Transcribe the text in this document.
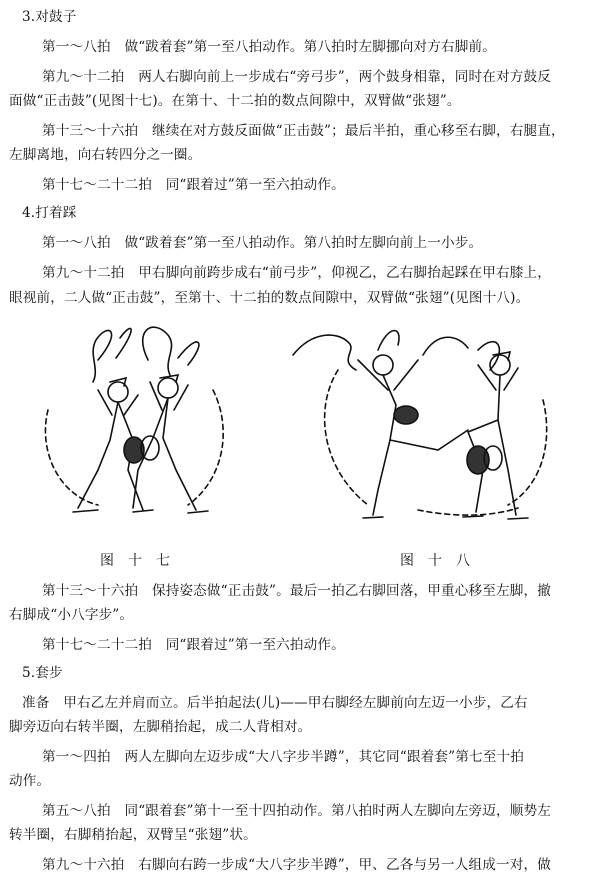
3.对鼓子
第一～八拍　做“跋着套”第一至八拍动作。第八拍时左脚挪向对方右脚前。
第九～十二拍　两人右脚向前上一步成右“旁弓步”，两个鼓身相靠，同时在对方鼓反
面做“正击鼓”(见图十七)。在第十、十二拍的数点间隙中，双臂做“张翅”。
第十三～十六拍　继续在对方鼓反面做“正击鼓”；最后半拍，重心移至右脚，右腿直，
左脚离地，向右转四分之一圈。
第十七～二十二拍　同“跟着过”第一至六拍动作。
4.打着踩
第一～八拍　做“跋着套”第一至八拍动作。第八拍时左脚向前上一小步。
第九～十二拍　甲右脚向前跨步成右“前弓步”，仰视乙，乙右脚抬起踩在甲右膝上，
眼视前，二人做“正击鼓”，至第十、十二拍的数点间隙中，双臂做“张翅”(见图十八)。
图十七	图十八
第十三～十六拍　保持姿态做“正击鼓”。最后一拍乙右脚回落，甲重心移至左脚，撤
右脚成“小八字步”。
第十七～二十二拍　同“跟着过”第一至六拍动作。
5.套步
准备　甲右乙左并肩而立。后半拍起法(儿)——甲右脚经左脚前向左迈一小步，乙右
脚旁迈向右转半圈，左脚稍抬起，成二人背相对。
第一～四拍　两人左脚向左迈步成“大八字步半蹲”，其它同“跟着套”第七至十拍
动作。
第五～八拍　同“跟着套”第十一至十四拍动作。第八拍时两人左脚向左旁迈，顺势左
转半圈，右脚稍抬起，双臂呈“张翅”状。
第九～十六拍　右脚向右跨一步成“大八字步半蹲”，甲、乙各与另一人组成一对，做
